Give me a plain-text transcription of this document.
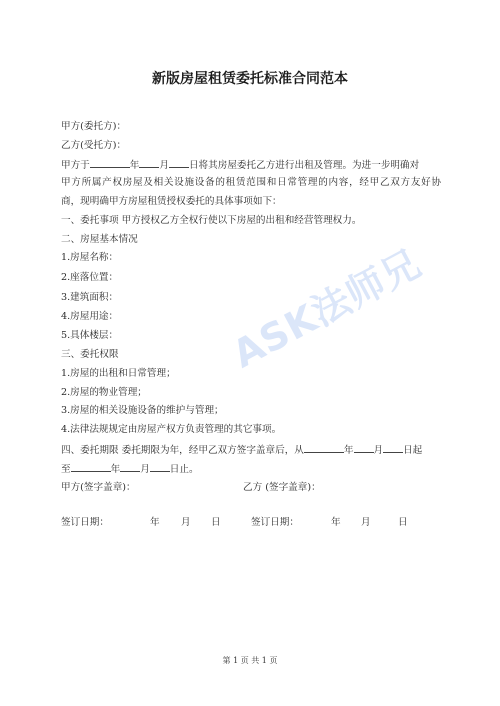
新版房屋租赁委托标准合同范本
甲方(委托方)：
乙方(受托方)：
甲方于	年 月 日将其房屋委托乙方进行出租及管理。为进一步明确对
甲方所属产权房屋及相关设施设备的租赁范围和日常管理的内容，经甲乙双方友好协
商，现明确甲方房屋租赁授权委托的具体事项如下：
一、委托事项 甲方授权乙方全权行使以下房屋的出租和经营管理权力。
二、房屋基本情况
1.房屋名称：
2.座落位置：
3.建筑面积：
4.房屋用途：
5.具体楼层：
三、委托权限
1.房屋的出租和日常管理；
2.房屋的物业管理；
3.房屋的相关设施设备的维护与管理；
4.法律法规规定由房屋产权方负责管理的其它事项。
四、委托期限 委托期限为年，经甲乙双方签字盖章后，从	年 月 日起
至	年 月 日止。
甲方(签字盖章)：	乙方 (签字盖章)：
签订日期：	年 月 日	签订日期：	年 月	日
ASK法师兄
第 1 页 共 1 页
